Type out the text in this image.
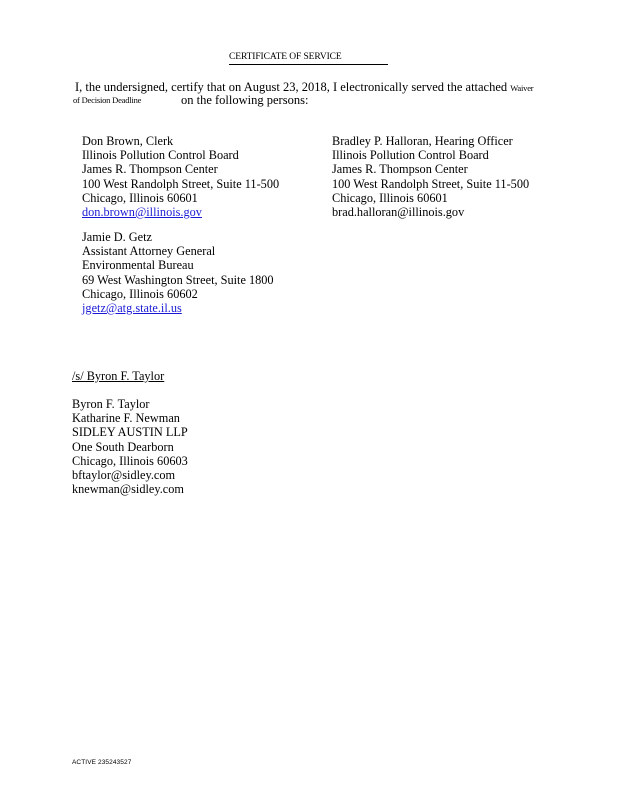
CERTIFICATE OF SERVICE
I, the undersigned, certify that on August 23, 2018, I electronically served the attached Waiver
of Decision Deadline	on the following persons:
Don Brown, Clerk
Illinois Pollution Control Board
James R. Thompson Center
100 West Randolph Street, Suite 11-500
Chicago, Illinois 60601
don.brown@illinois.gov
Bradley P. Halloran, Hearing Officer
Illinois Pollution Control Board
James R. Thompson Center
100 West Randolph Street, Suite 11-500
Chicago, Illinois 60601
brad.halloran@illinois.gov
Jamie D. Getz
Assistant Attorney General
Environmental Bureau
69 West Washington Street, Suite 1800
Chicago, Illinois 60602
jgetz@atg.state.il.us
/s/ Byron F. Taylor
Byron F. Taylor
Katharine F. Newman
SIDLEY AUSTIN LLP
One South Dearborn
Chicago, Illinois 60603
bftaylor@sidley.com
knewman@sidley.com
ACTIVE 235243527
